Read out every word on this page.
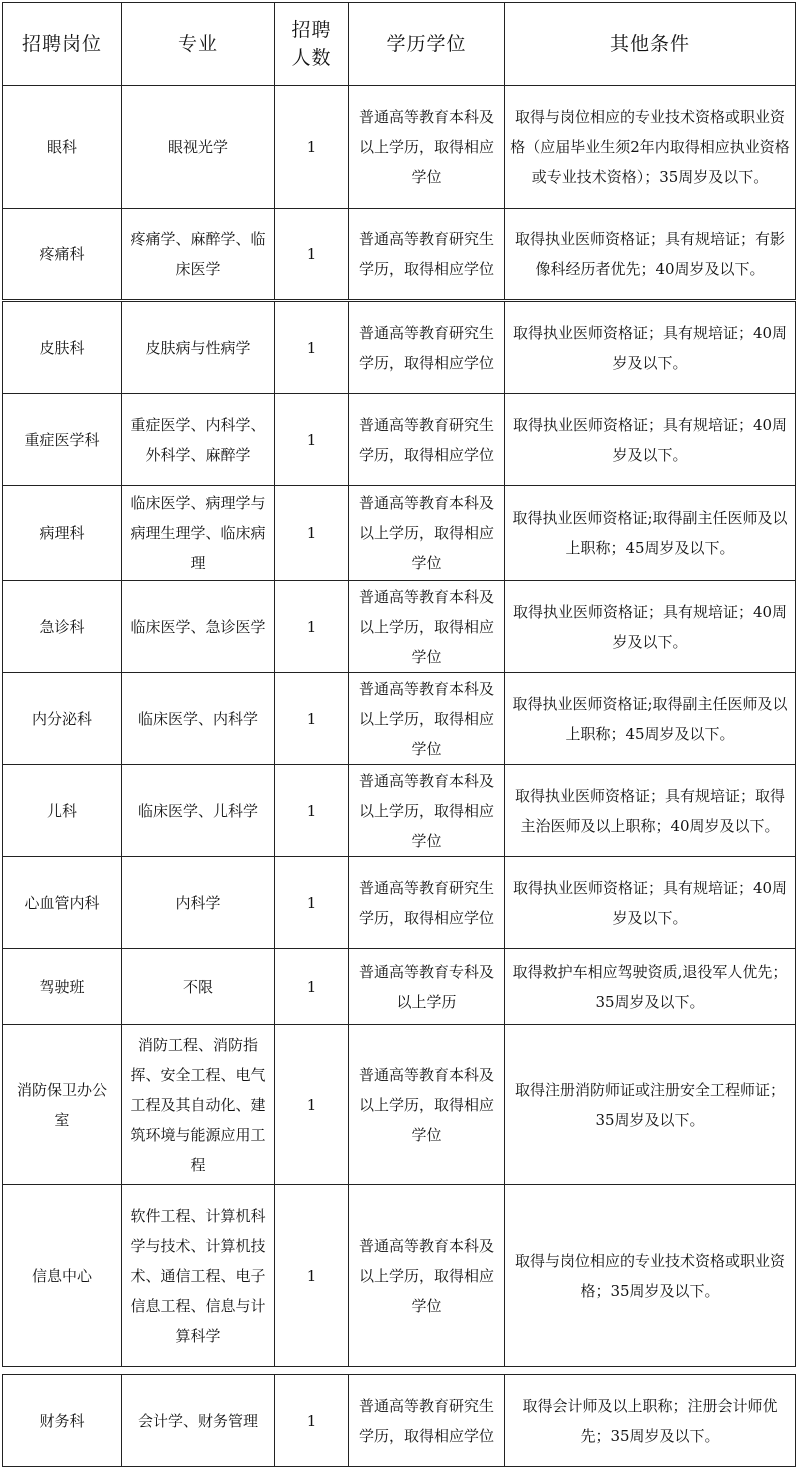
招聘岗位	专业	招聘人数	学历学位	其他条件
眼科	眼视光学	1	普通高等教育本科及以上学历，取得相应学位	取得与岗位相应的专业技术资格或职业资格（应届毕业生须2年内取得相应执业资格或专业技术资格）；35周岁及以下。
疼痛科	疼痛学、麻醉学、临床医学	1	普通高等教育研究生学历，取得相应学位	取得执业医师资格证；具有规培证；有影像科经历者优先；40周岁及以下。
皮肤科	皮肤病与性病学	1	普通高等教育研究生学历，取得相应学位	取得执业医师资格证；具有规培证；40周岁及以下。
重症医学科	重症医学、内科学、外科学、麻醉学	1	普通高等教育研究生学历，取得相应学位	取得执业医师资格证；具有规培证；40周岁及以下。
病理科	临床医学、病理学与病理生理学、临床病理	1	普通高等教育本科及以上学历，取得相应学位	取得执业医师资格证;取得副主任医师及以上职称；45周岁及以下。
急诊科	临床医学、急诊医学	1	普通高等教育本科及以上学历，取得相应学位	取得执业医师资格证；具有规培证；40周岁及以下。
内分泌科	临床医学、内科学	1	普通高等教育本科及以上学历，取得相应学位	取得执业医师资格证;取得副主任医师及以上职称；45周岁及以下。
儿科	临床医学、儿科学	1	普通高等教育本科及以上学历，取得相应学位	取得执业医师资格证；具有规培证；取得主治医师及以上职称；40周岁及以下。
心血管内科	内科学	1	普通高等教育研究生学历，取得相应学位	取得执业医师资格证；具有规培证；40周岁及以下。
驾驶班	不限	1	普通高等教育专科及以上学历	取得救护车相应驾驶资质,退役军人优先；35周岁及以下。
消防保卫办公室	消防工程、消防指挥、安全工程、电气工程及其自动化、建筑环境与能源应用工程	1	普通高等教育本科及以上学历，取得相应学位	取得注册消防师证或注册安全工程师证；35周岁及以下。
信息中心	软件工程、计算机科学与技术、计算机技术、通信工程、电子信息工程、信息与计算科学	1	普通高等教育本科及以上学历，取得相应学位	取得与岗位相应的专业技术资格或职业资格；35周岁及以下。
财务科	会计学、财务管理	1	普通高等教育研究生学历，取得相应学位	取得会计师及以上职称；注册会计师优先；35周岁及以下。
